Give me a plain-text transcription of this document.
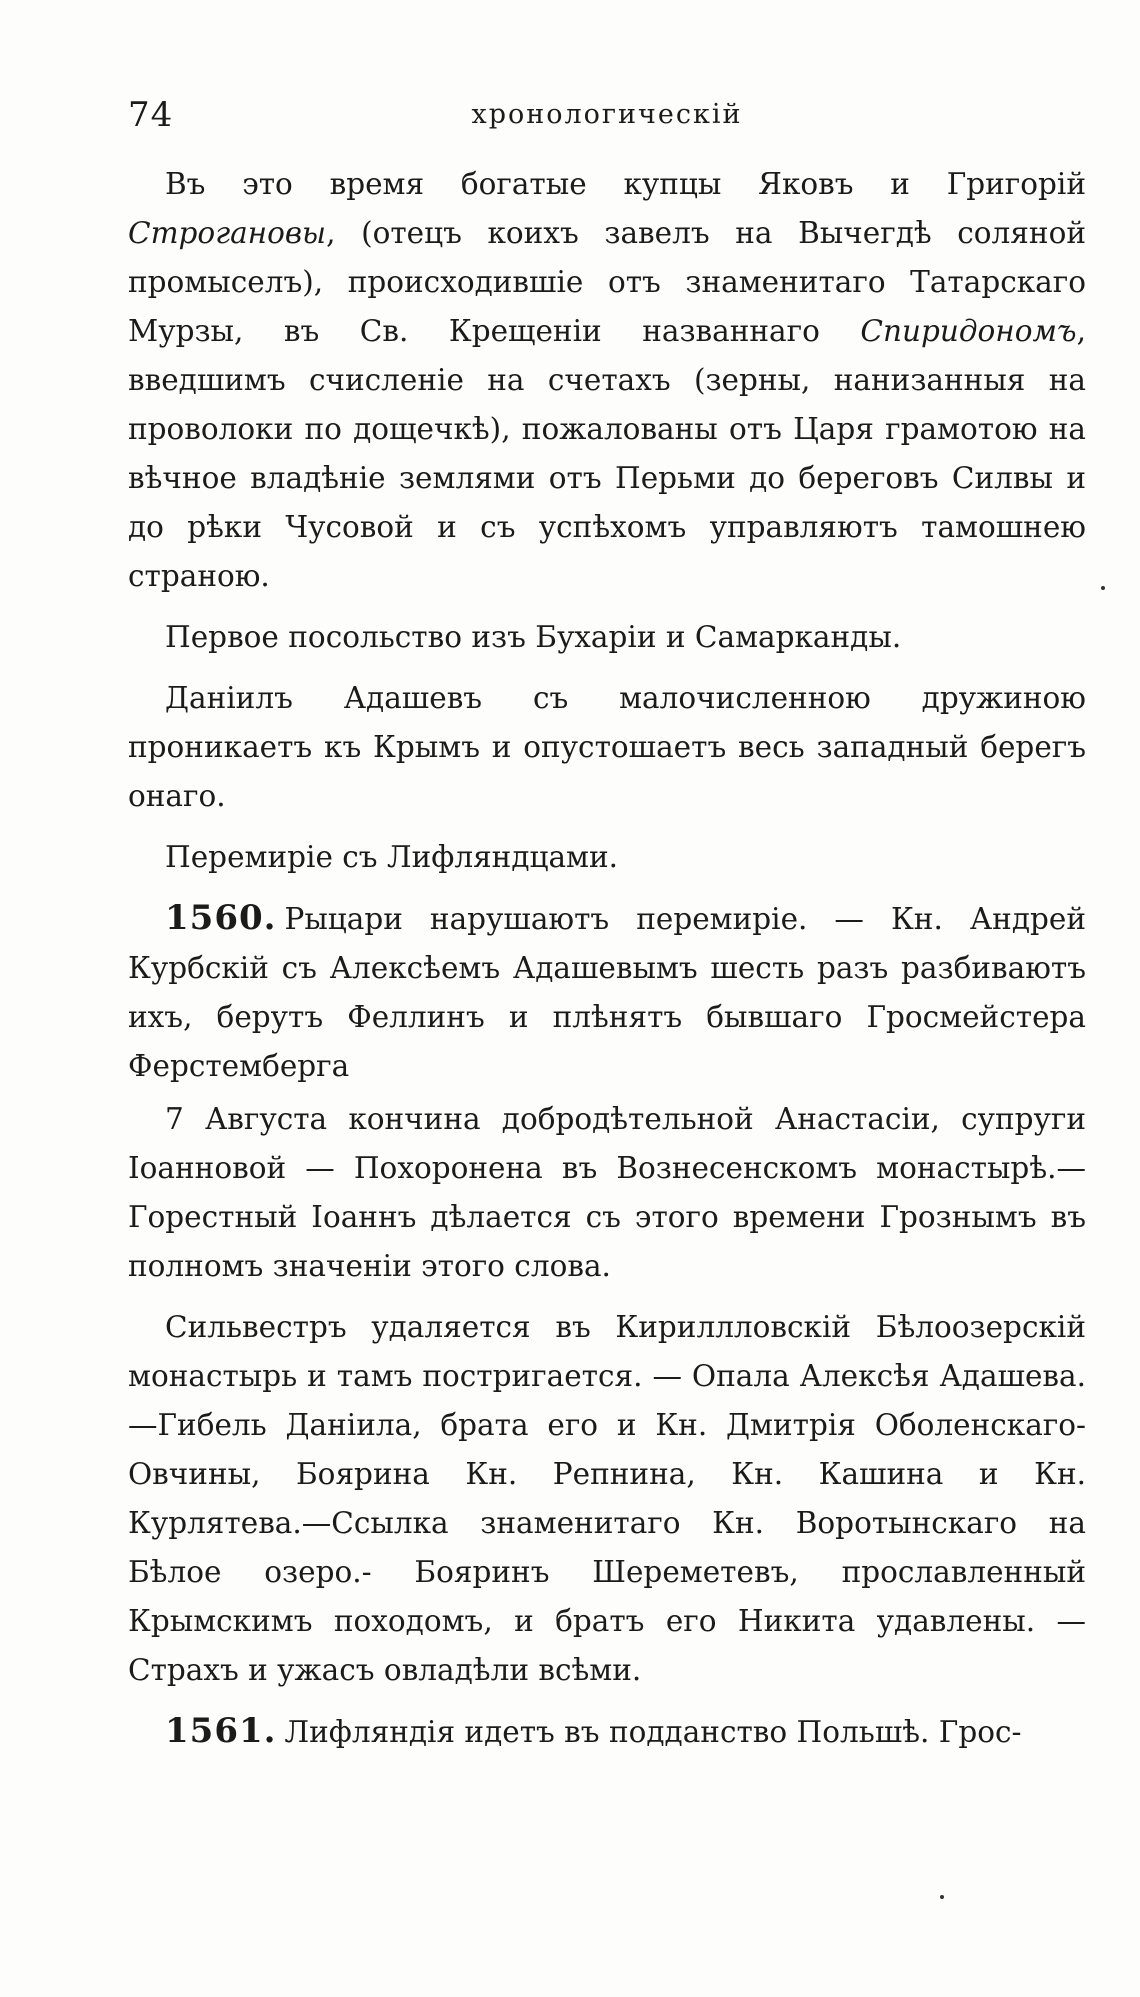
74	хронологическiй

Въ это время богатые купцы Яковъ и Григорiй Строгановы, (отецъ коихъ завелъ на Вычегдѣ соляной промыселъ), происходившiе отъ знаменитаго Татарскаго Мурзы, въ Св. Крещенiи названнаго Спиридономъ, введшимъ счисленiе на счетахъ (зерны, нанизанныя на проволоки по дощечкѣ), пожалованы отъ Царя грамотою на вѣчное владѣнiе землями отъ Перьми до береговъ Силвы и до рѣки Чусовой и съ успѣхомъ управляютъ тамошнею страною.

Первое посольство изъ Бухарiи и Самарканды.

Данiилъ Адашевъ съ малочисленною дружиною проникаетъ къ Крымъ и опустошаетъ весь западный берегъ онаго.

Перемирiе съ Лифляндцами.

1560. Рыцари нарушаютъ перемирiе. — Кн. Андрей Курбскiй съ Алексѣемъ Адашевымъ шесть разъ разбиваютъ ихъ, берутъ Феллинъ и плѣнятъ бывшаго Гросмейстера Ферстемберга

7 Августа кончина добродѣтельной Анастасiи, супруги Iоанновой — Похоронена въ Вознесенскомъ монастырѣ.—Горестный Iоаннъ дѣлается съ этого времени Грознымъ въ полномъ значенiи этого слова.

Сильвестръ удаляется въ Кириллловскiй Бѣлоозерскiй монастырь и тамъ постригается. — Опала Алексѣя Адашева.—Гибель Данiила, брата его и Кн. Дмитрiя Оболенскаго-Овчины, Боярина Кн. Репнина, Кн. Кашина и Кн. Курлятева.—Ссылка знаменитаго Кн. Воротынскаго на Бѣлое озеро.- Бояринъ Шереметевъ, прославленный Крымскимъ походомъ, и братъ его Никита удавлены. — Страхъ и ужасъ овладѣли всѣми.

1561. Лифляндiя идетъ въ подданство Польшѣ. Грос-
